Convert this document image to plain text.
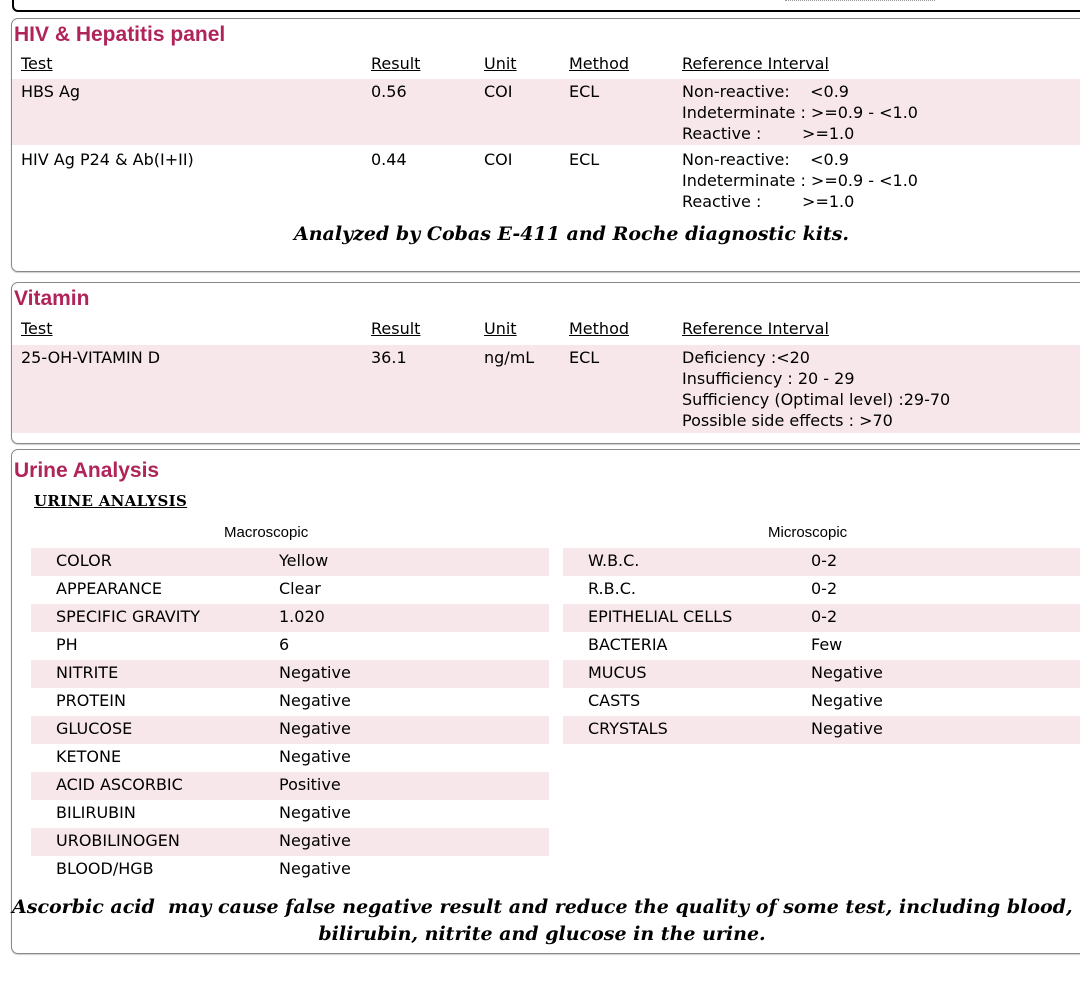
HIV & Hepatitis panel
Test	Result	Unit	Method	Reference Interval
HBS Ag	0.56	COI	ECL	Non-reactive:    <0.9
Indeterminate : >=0.9 - <1.0
Reactive :        >=1.0
HIV Ag P24 & Ab(I+II)	0.44	COI	ECL	Non-reactive:    <0.9
Indeterminate : >=0.9 - <1.0
Reactive :        >=1.0
Analyzed by Cobas E-411 and Roche diagnostic kits.
Vitamin
Test	Result	Unit	Method	Reference Interval
25-OH-VITAMIN D	36.1	ng/mL ECL	Deficiency :<20
Insufficiency : 20 - 29
Sufficiency (Optimal level) :29-70
Possible side effects : >70
Urine Analysis
URINE ANALYSIS
Macroscopic	Microscopic
COLOR	Yellow
APPEARANCE	Clear
SPECIFIC GRAVITY	1.020
PH	6
NITRITE	Negative
PROTEIN	Negative
GLUCOSE	Negative
KETONE	Negative
ACID ASCORBIC	Positive
BILIRUBIN	Negative
UROBILINOGEN	Negative
BLOOD/HGB	Negative
W.B.C.	0-2
R.B.C.	0-2
EPITHELIAL CELLS	0-2
BACTERIA	Few
MUCUS	Negative
CASTS	Negative
CRYSTALS	Negative
Ascorbic acid  may cause false negative result and reduce the quality of some test, including blood,
bilirubin, nitrite and glucose in the urine.
